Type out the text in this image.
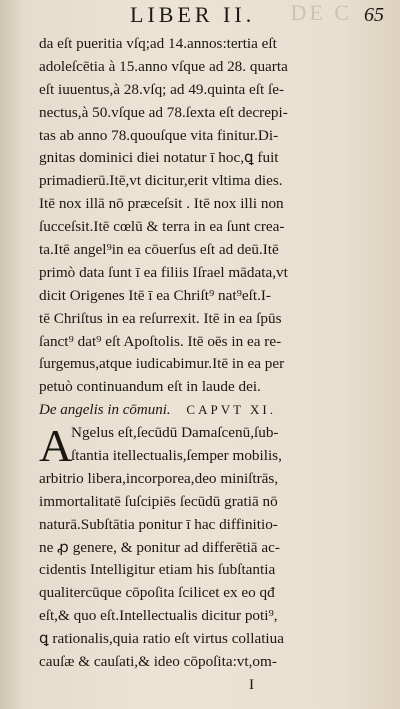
DE C
LIBER II.	65
da eſt pueritia vſq;ad 14.annos:tertia eſt
adoleſcētia à 15.anno vſque ad 28. quarta
eſt iuuentus,à 28.vſq; ad 49.quinta eſt ſe-
nectus,à 50.vſque ad 78.ſexta eſt decrepi-
tas ab anno 78.quouſque vita finitur.Di-
gnitas dominici diei notatur ī hoc,ꝗ fuit
primadierū.Itē,vt dicitur,erit vltima dies.
Itē nox illā nō præceſsit . Itē nox illi non
ſucceſsit.Itē cœlū & terra in ea ſunt crea-
ta.Itē angel⁹in ea cōuerſus eſt ad deū.Itē
primò data ſunt ī ea filiis Iſrael mādata,vt
dicit Origenes Itē ī ea Chriſt⁹ nat⁹eſt.I-
tē Chriſtus in ea reſurrexit. Itē in ea ſpūs
ſanct⁹ dat⁹ eſt Apoſtolis. Itē oēs in ea re-
ſurgemus,atque iudicabimur.Itē in ea per
petuò continuandum eſt in laude dei.
De angelis in cōmuni. CAPVT XI.
A
Ngelus eſt,ſecūdū Damaſcenū,ſub-
ſtantia itellectualis,ſemper mobilis,
arbitrio libera,incorporea,deo miniſtrās,
immortalitatē ſuſcipiēs ſecūdū gratiā nō
naturā.Subſtātia ponitur ī hac diffinitio-
ne ꝓ genere, & ponitur ad differētiā ac-
cidentis Intelligitur etiam his ſubſtantia
qualitercūque cōpoſita ſcilicet ex eo qđ
eſt,& quo eſt.Intellectualis dicitur poti⁹,
ꝗ rationalis,quia ratio eſt virtus collatiua
cauſæ & cauſati,& ideo cōpoſita:vt,om-
I
